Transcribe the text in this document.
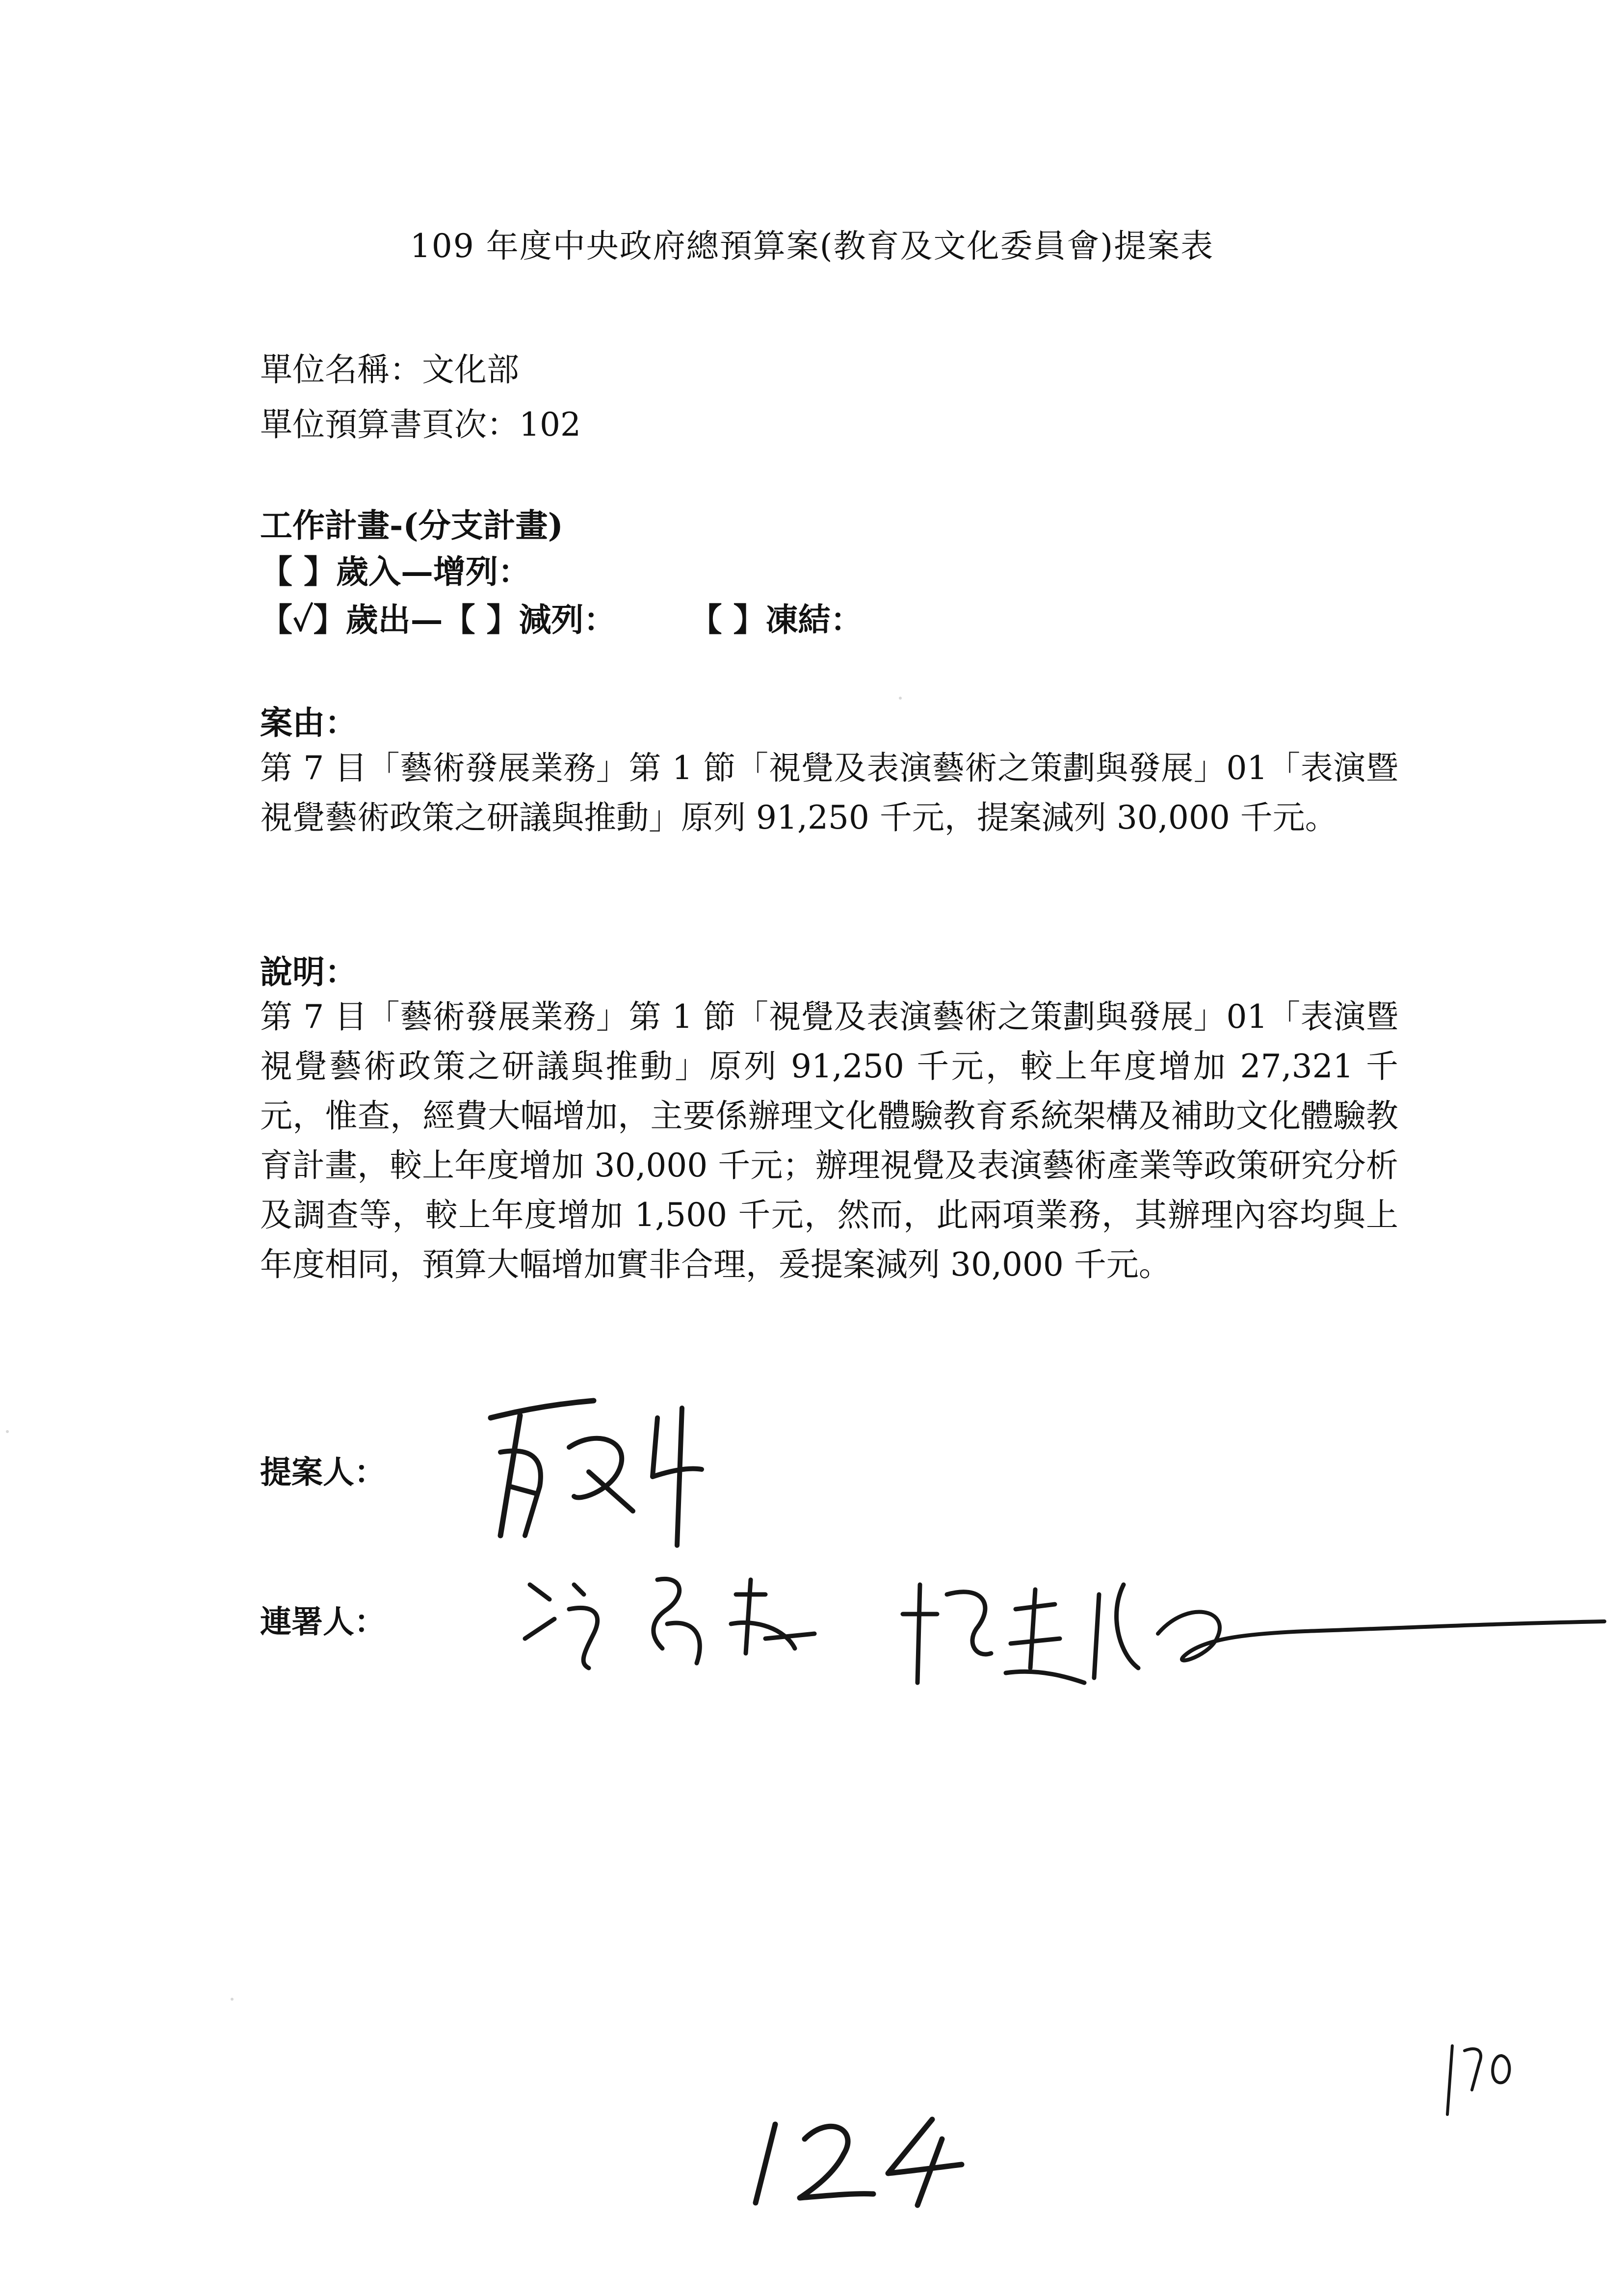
109 年度中央政府總預算案(教育及文化委員會)提案表
單位名稱：文化部
單位預算書頁次：102
工作計畫-(分支計畫)
【 】歲入—增列：
【✓】歲出—【 】減列： 【 】凍結：
案由：
第 7 目「藝術發展業務」第 1 節「視覺及表演藝術之策劃與發展」01「表演暨視覺藝術政策之研議與推動」原列 91,250 千元，提案減列 30,000 千元。
說明：
第 7 目「藝術發展業務」第 1 節「視覺及表演藝術之策劃與發展」01「表演暨視覺藝術政策之研議與推動」原列 91,250 千元，較上年度增加 27,321 千元，惟查，經費大幅增加，主要係辦理文化體驗教育系統架構及補助文化體驗教育計畫，較上年度增加 30,000 千元；辦理視覺及表演藝術產業等政策研究分析及調查等，較上年度增加 1,500 千元，然而，此兩項業務，其辦理內容均與上年度相同，預算大幅增加實非合理，爰提案減列 30,000 千元。
提案人：
連署人：
